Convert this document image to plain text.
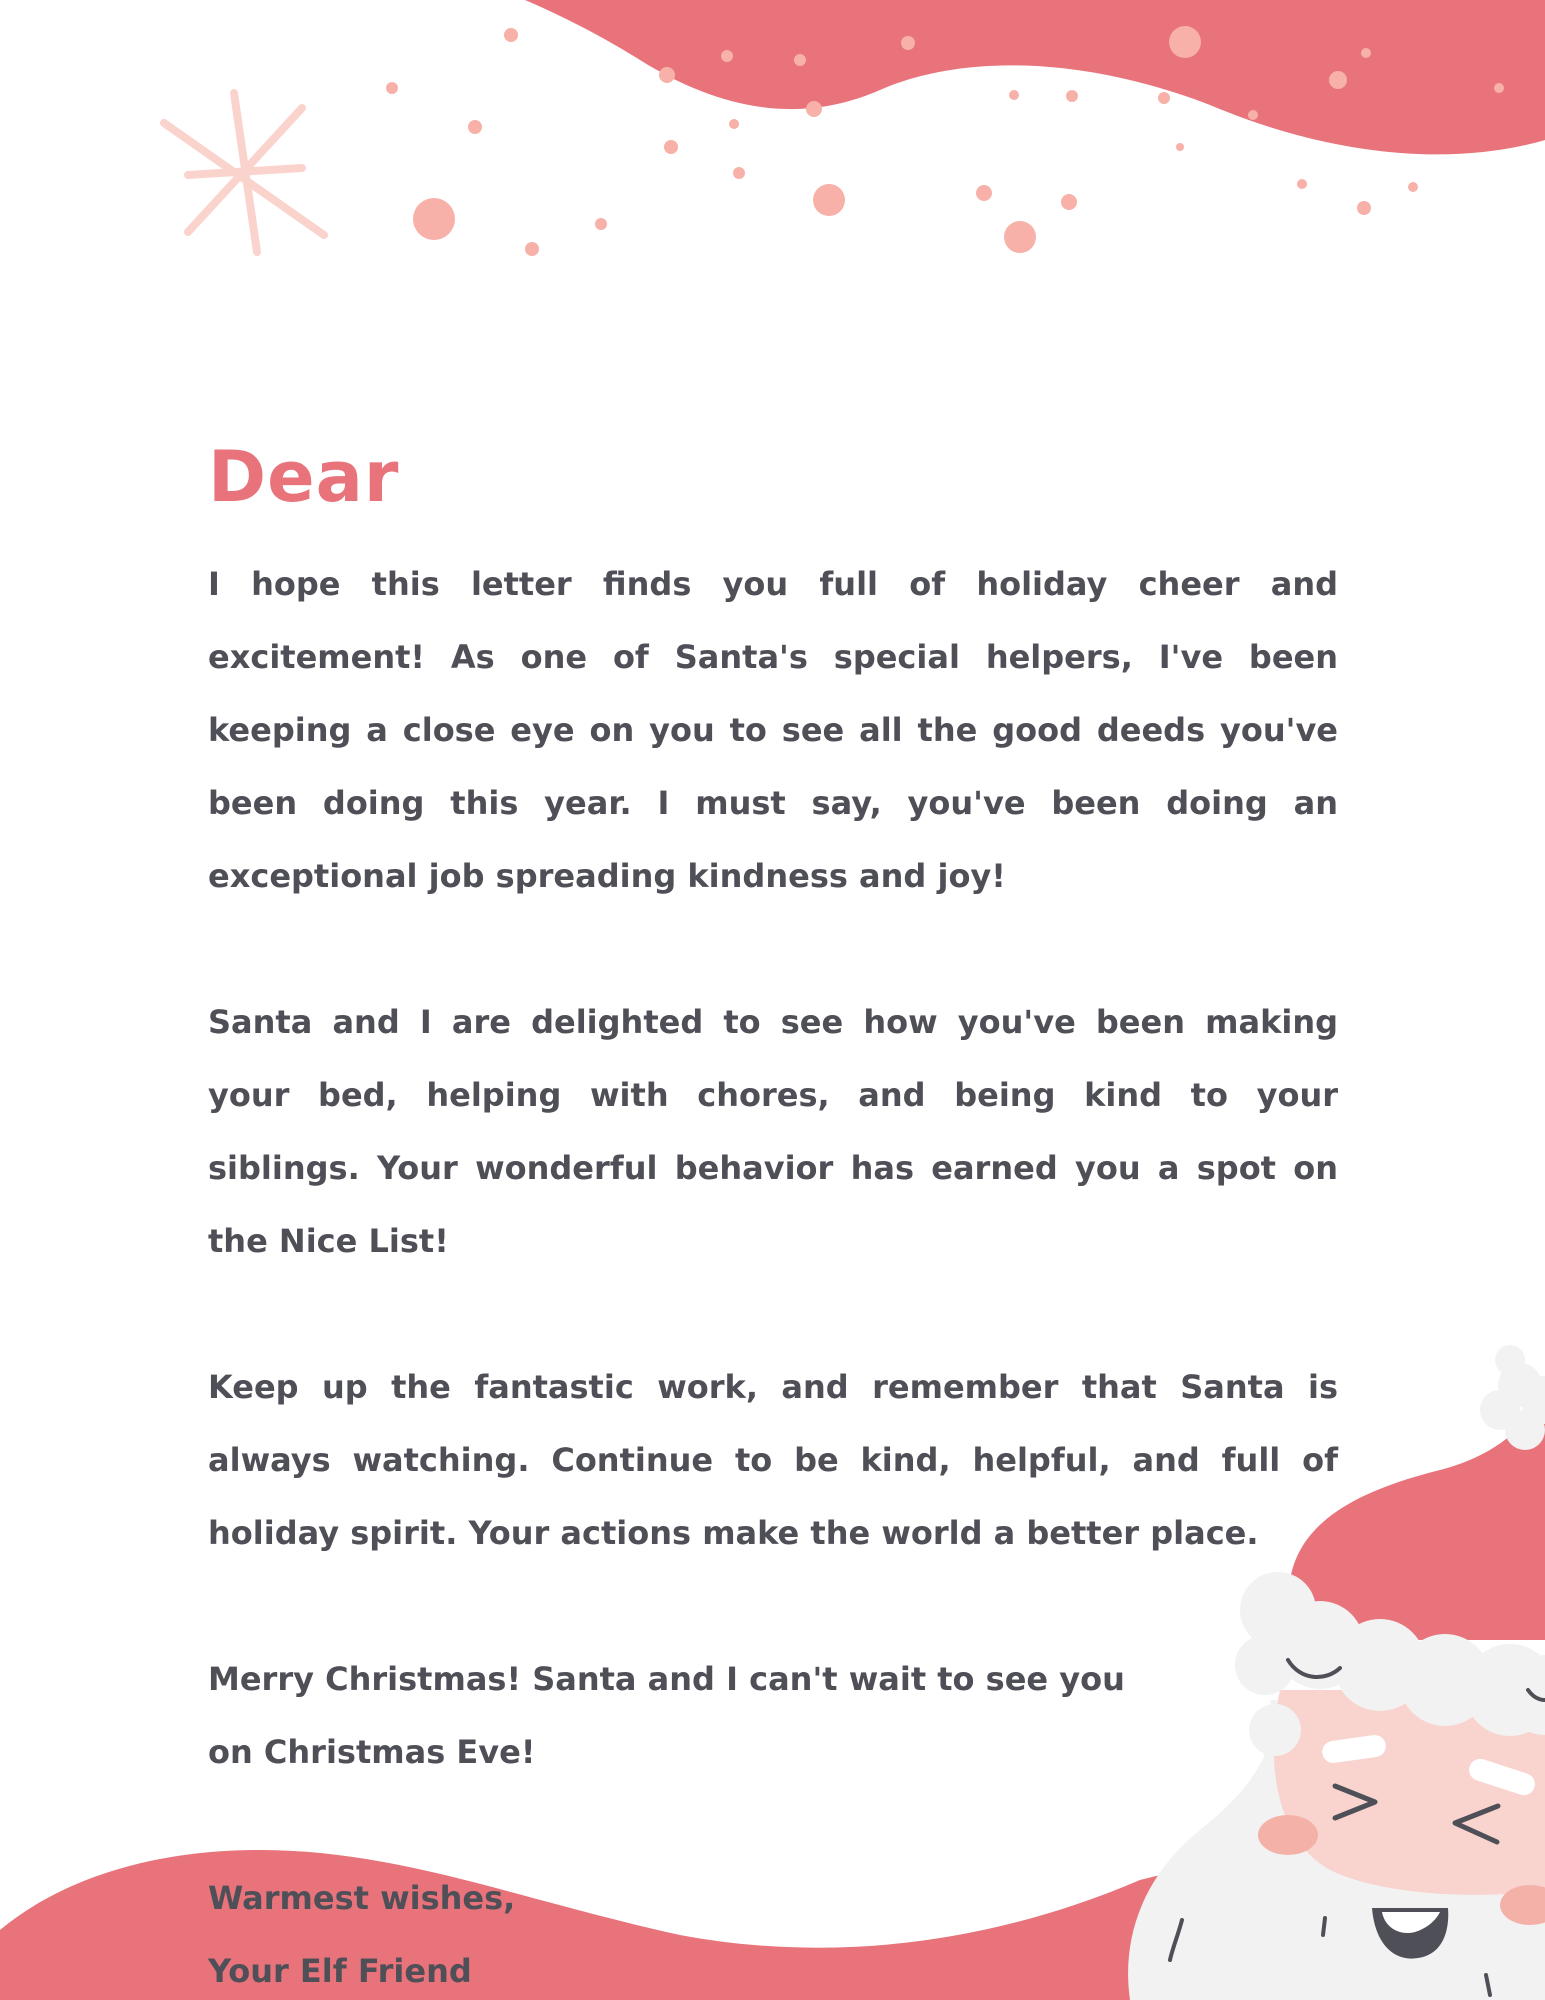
Dear

I hope this letter finds you full of holiday cheer and excitement! As one of Santa's special helpers, I've been keeping a close eye on you to see all the good deeds you've been doing this year. I must say, you've been doing an exceptional job spreading kindness and joy!

Santa and I are delighted to see how you've been making your bed, helping with chores, and being kind to your siblings. Your wonderful behavior has earned you a spot on the Nice List!

Keep up the fantastic work, and remember that Santa is always watching. Continue to be kind, helpful, and full of holiday spirit. Your actions make the world a better place.

Merry Christmas! Santa and I can't wait to see you
on Christmas Eve!
Warmest wishes,
Your Elf Friend
